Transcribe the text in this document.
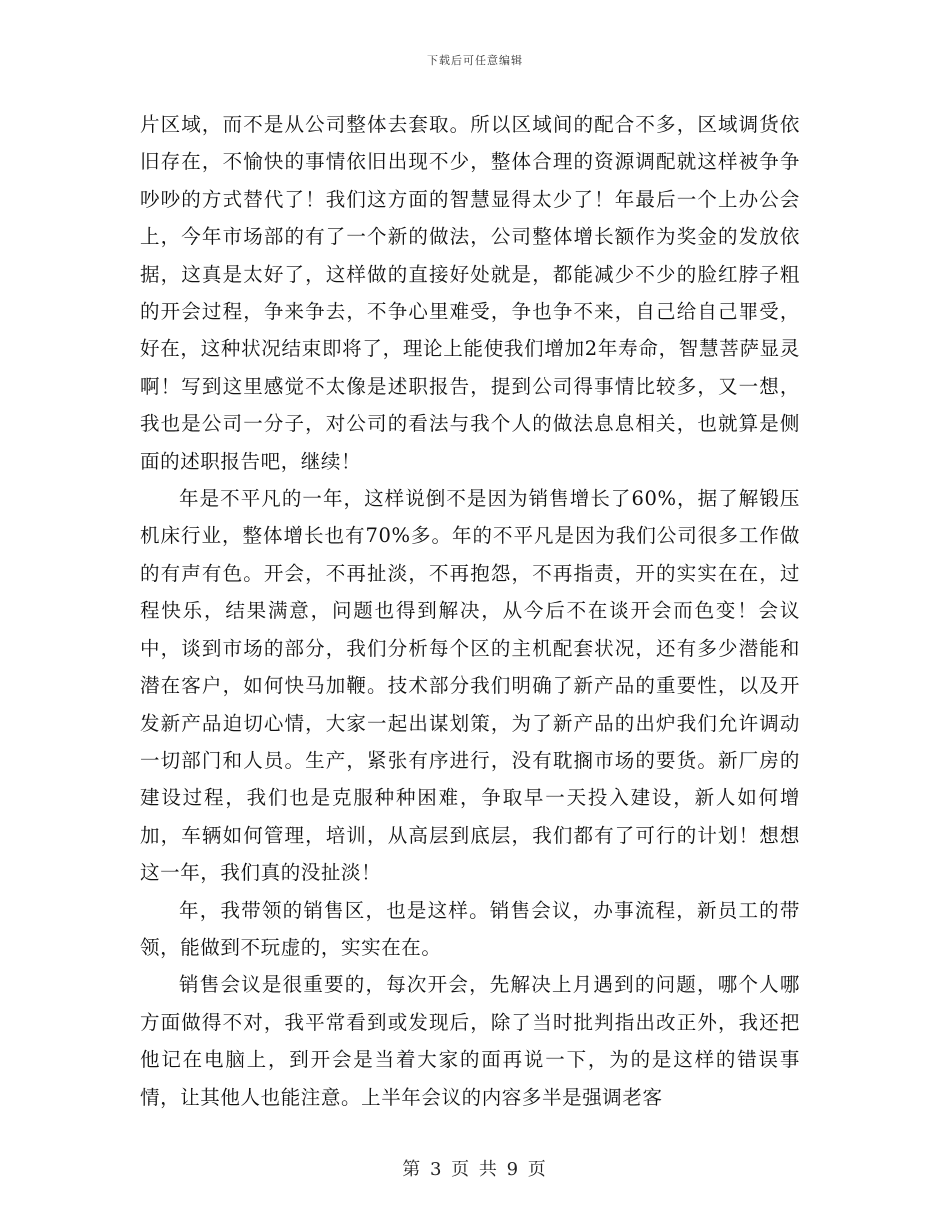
下载后可任意编辑

片区域，而不是从公司整体去套取。所以区域间的配合不多，区域调货依旧存在，不愉快的事情依旧出现不少，整体合理的资源调配就这样被争争吵吵的方式替代了！我们这方面的智慧显得太少了！年最后一个上办公会上，今年市场部的有了一个新的做法，公司整体增长额作为奖金的发放依据，这真是太好了，这样做的直接好处就是，都能减少不少的脸红脖子粗的开会过程，争来争去，不争心里难受，争也争不来，自己给自己罪受，好在，这种状况结束即将了，理论上能使我们增加2年寿命，智慧菩萨显灵啊！写到这里感觉不太像是述职报告，提到公司得事情比较多，又一想，我也是公司一分子，对公司的看法与我个人的做法息息相关，也就算是侧面的述职报告吧，继续！

年是不平凡的一年，这样说倒不是因为销售增长了60%，据了解锻压机床行业，整体增长也有70%多。年的不平凡是因为我们公司很多工作做的有声有色。开会，不再扯淡，不再抱怨，不再指责，开的实实在在，过程快乐，结果满意，问题也得到解决，从今后不在谈开会而色变！会议中，谈到市场的部分，我们分析每个区的主机配套状况，还有多少潜能和潜在客户，如何快马加鞭。技术部分我们明确了新产品的重要性，以及开发新产品迫切心情，大家一起出谋划策，为了新产品的出炉我们允许调动一切部门和人员。生产，紧张有序进行，没有耽搁市场的要货。新厂房的建设过程，我们也是克服种种困难，争取早一天投入建设，新人如何增加，车辆如何管理，培训，从高层到底层，我们都有了可行的计划！想想这一年，我们真的没扯淡！

年，我带领的销售区，也是这样。销售会议，办事流程，新员工的带领，能做到不玩虚的，实实在在。

销售会议是很重要的，每次开会，先解决上月遇到的问题，哪个人哪方面做得不对，我平常看到或发现后，除了当时批判指出改正外，我还把他记在电脑上，到开会是当着大家的面再说一下，为的是这样的错误事情，让其他人也能注意。上半年会议的内容多半是强调老客

第 3 页 共 9 页
